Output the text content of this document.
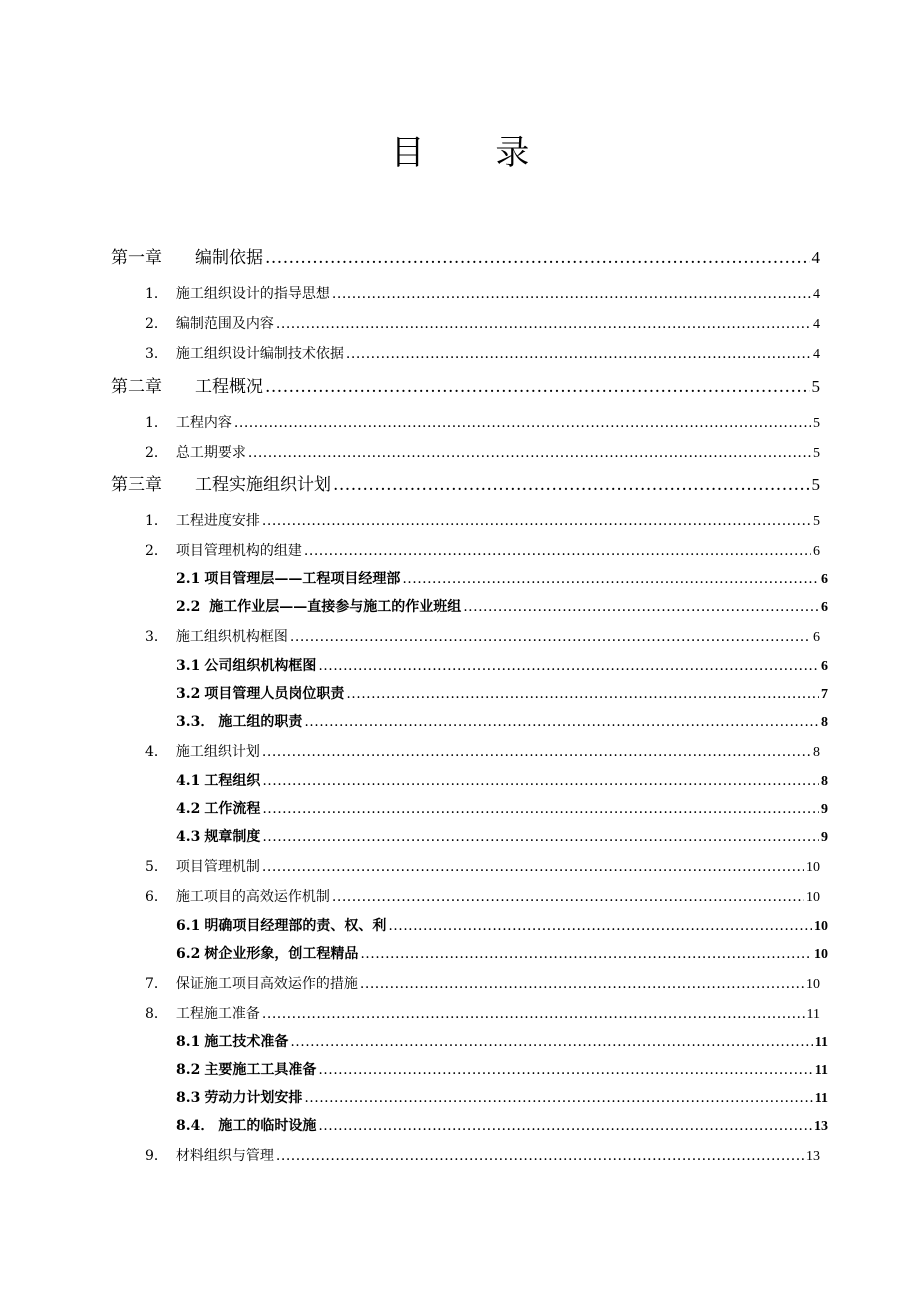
目 录
第一章 编制依据 .....	4
1． 施工组织设计的指导思想 .....	4
2． 编制范围及内容 .....	4
3． 施工组织设计编制技术依据 .....	4
第二章 工程概况 .....	5
1． 工程内容 .....	5
2． 总工期要求 .....	5
第三章 工程实施组织计划 .....	5
1． 工程进度安排 .....	5
2． 项目管理机构的组建 .....	6
2.1 项目管理层——工程项目经理部 .....	6
2.2 施工作业层——直接参与施工的作业班组 .....	6
3． 施工组织机构框图 .....	6
3.1 公司组织机构框图 .....	6
3.2 项目管理人员岗位职责 .....	7
3.3． 施工组的职责 .....	8
4． 施工组织计划 .....	8
4.1 工程组织 .....	8
4.2 工作流程 .....	9
4.3 规章制度 .....	9
5． 项目管理机制 .....	10
6． 施工项目的高效运作机制 .....	10
6.1 明确项目经理部的责、权、利 .....	10
6.2 树企业形象，创工程精品 .....	10
7． 保证施工项目高效运作的措施 .....	10
8． 工程施工准备 .....	11
8.1 施工技术准备 .....	11
8.2 主要施工工具准备 .....	11
8.3 劳动力计划安排 .....	11
8.4． 施工的临时设施 .....	13
9． 材料组织与管理 .....	13
